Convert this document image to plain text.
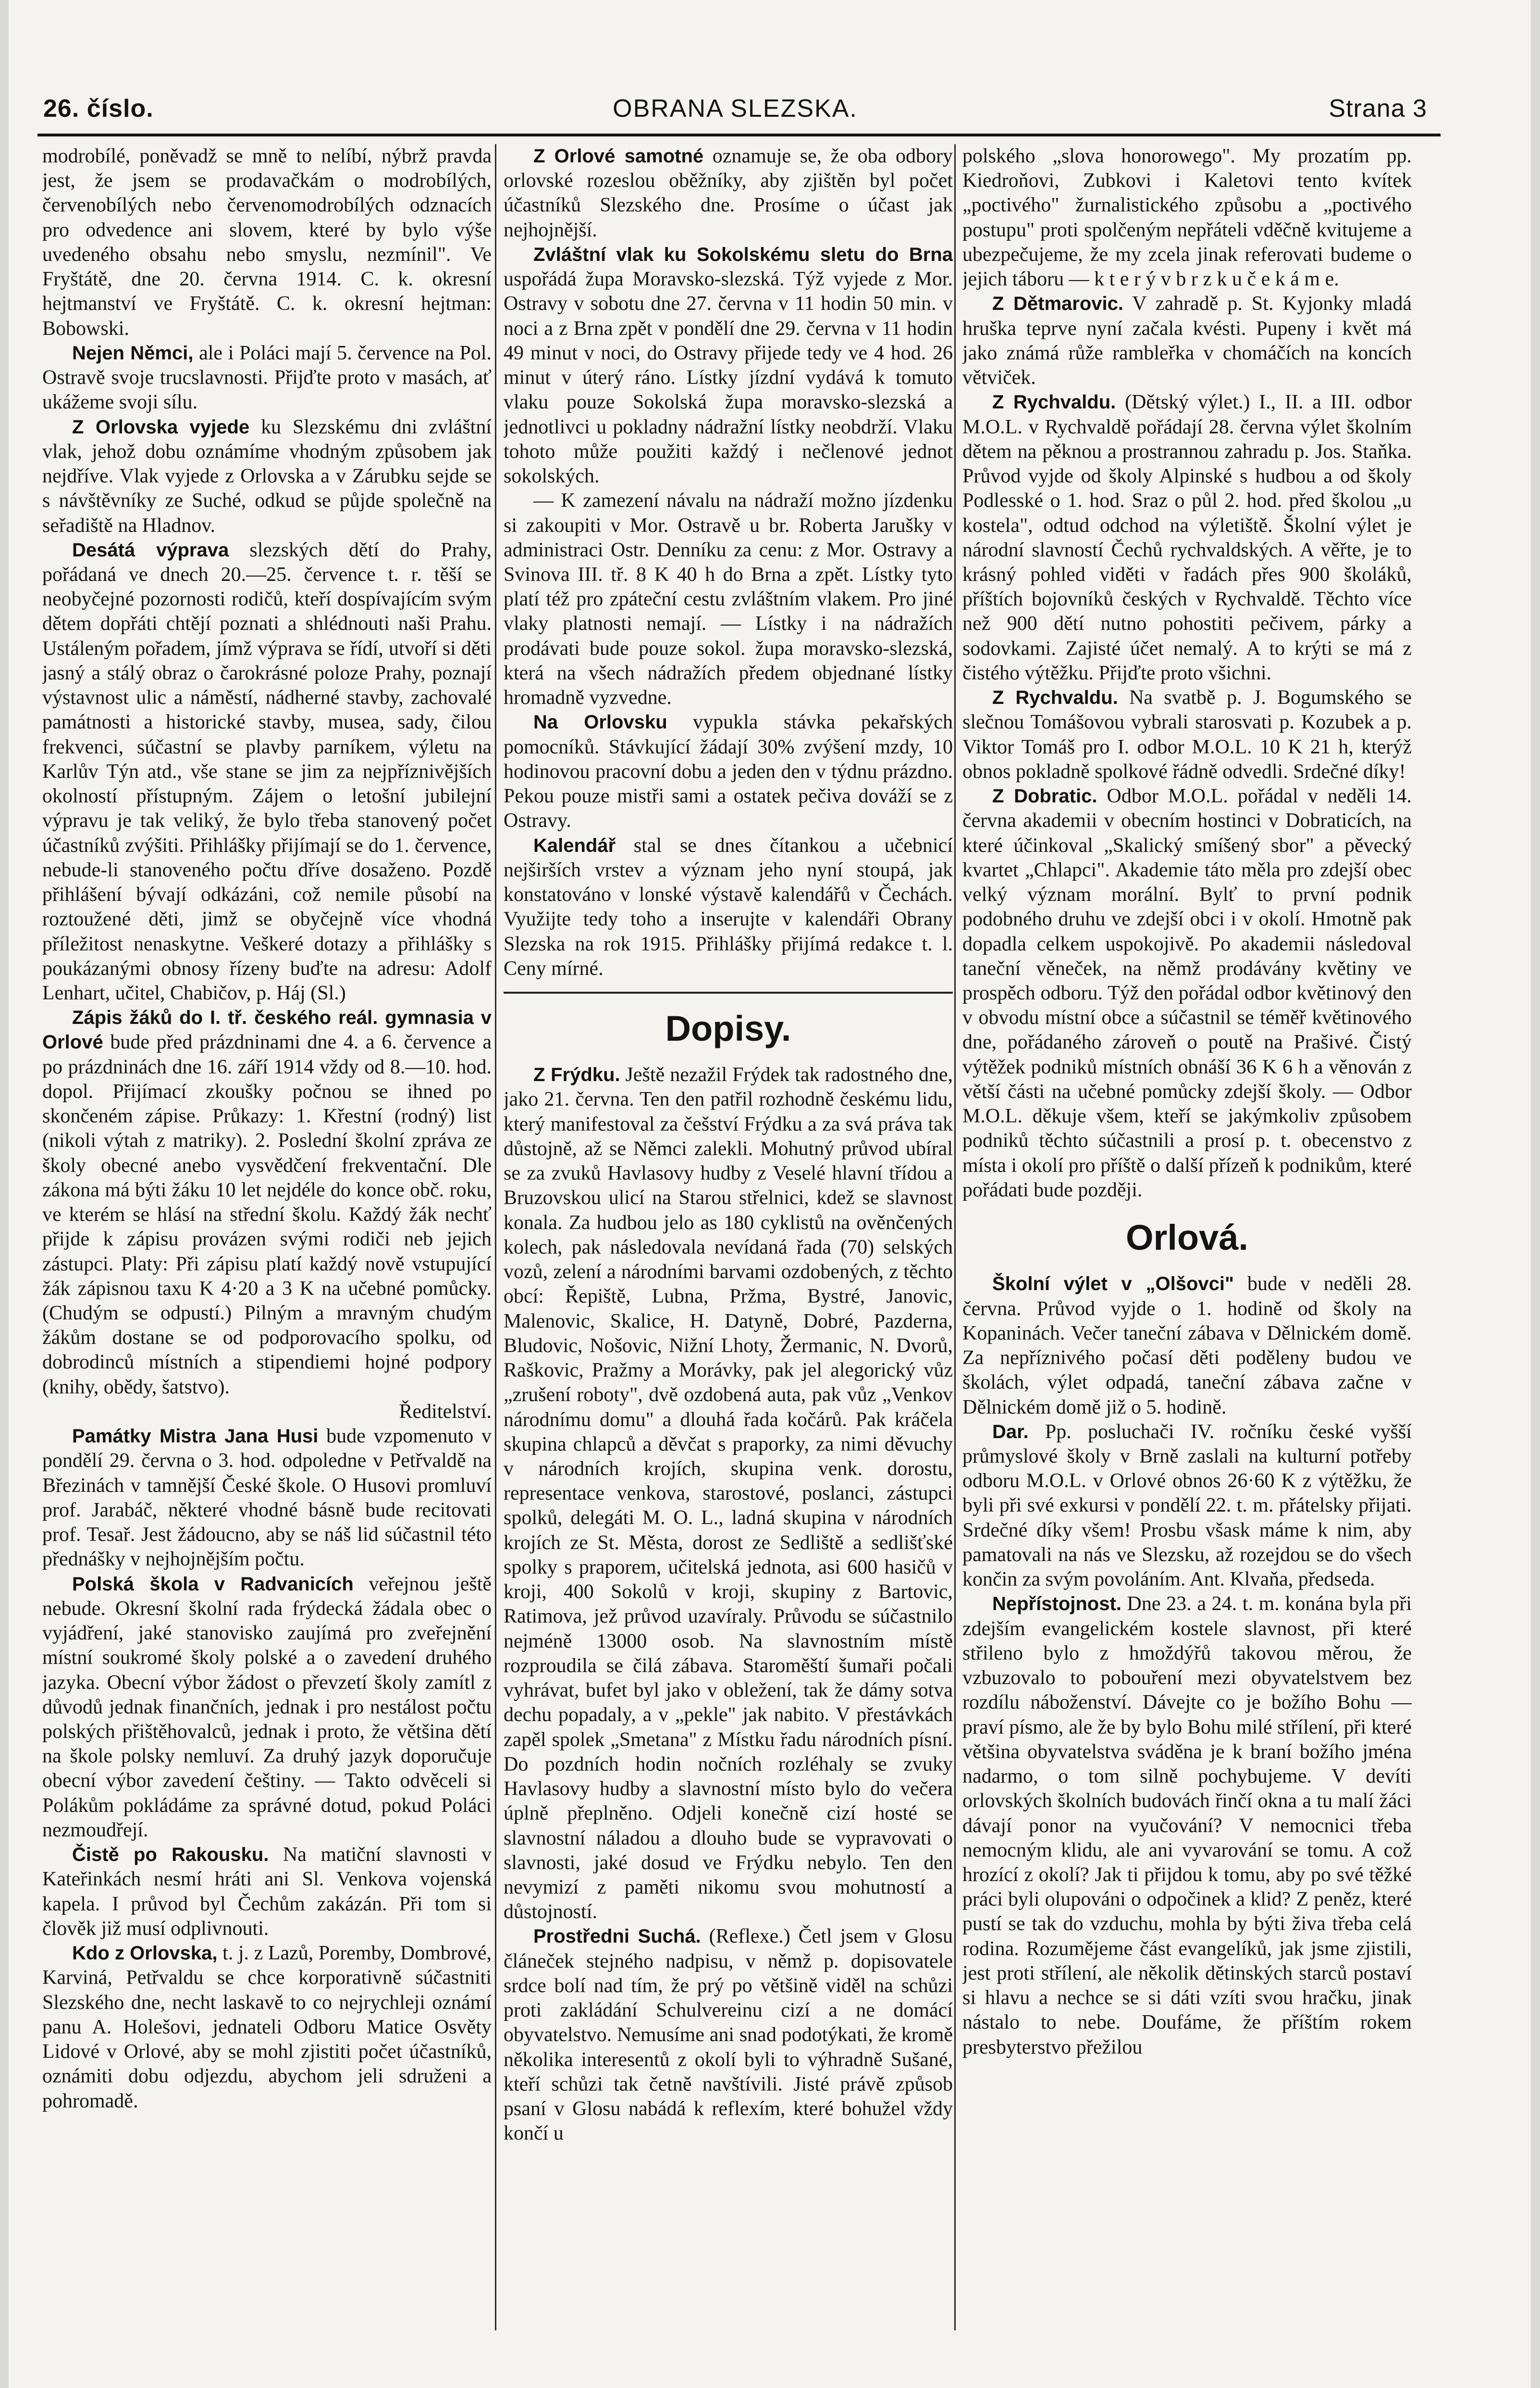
26. číslo.	OBRANA SLEZSKA.	Strana 3

modrobílé, poněvadž se mně to nelíbí, nýbrž pravda jest, že jsem se prodavačkám o modrobílých, červenobílých nebo červenomodrobílých odznacích pro odvedence ani slovem, které by bylo výše uvedeného obsahu nebo smyslu, nezmínil". Ve Fryštátě, dne 20. června 1914. C. k. okresní hejtmanství ve Fryštátě. C. k. okresní hejtman: Bobowski.

Nejen Němci, ale i Poláci mají 5. července na Pol. Ostravě svoje trucslavnosti. Přijďte proto v masách, ať ukážeme svoji sílu.

Z Orlovska vyjede ku Slezskému dni zvláštní vlak, jehož dobu oznámíme vhodným způsobem jak nejdříve. Vlak vyjede z Orlovska a v Zárubku sejde se s návštěvníky ze Suché, odkud se půjde společně na seřadiště na Hladnov.

Desátá výprava slezských dětí do Prahy, pořádaná ve dnech 20.—25. července t. r. těší se neobyčejné pozornosti rodičů, kteří dospívajícím svým dětem dopřáti chtějí poznati a shlédnouti naši Prahu. Ustáleným pořadem, jímž výprava se řídí, utvoří si děti jasný a stálý obraz o čarokrásné poloze Prahy, poznají výstavnost ulic a náměstí, nádherné stavby, zachovalé památnosti a historické stavby, musea, sady, čilou frekvenci, súčastní se plavby parníkem, výletu na Karlův Týn atd., vše stane se jim za nejpříznivějších okolností přístupným. Zájem o letošní jubilejní výpravu je tak veliký, že bylo třeba stanovený počet účastníků zvýšiti. Přihlášky přijímají se do 1. července, nebude-li stanoveného počtu dříve dosaženo. Pozdě přihlášení bývají odkázáni, což nemile působí na roztoužené děti, jimž se obyčejně více vhodná příležitost nenaskytne. Veškeré dotazy a přihlášky s poukázanými obnosy řízeny buďte na adresu: Adolf Lenhart, učitel, Chabičov, p. Háj (Sl.)

Zápis žáků do I. tř. českého reál. gymnasia v Orlové bude před prázdninami dne 4. a 6. července a po prázdninách dne 16. září 1914 vždy od 8.—10. hod. dopol. Přijímací zkoušky počnou se ihned po skončeném zápise. Průkazy: 1. Křestní (rodný) list (nikoli výtah z matriky). 2. Poslední školní zpráva ze školy obecné anebo vysvědčení frekventační. Dle zákona má býti žáku 10 let nejdéle do konce obč. roku, ve kterém se hlásí na střední školu. Každý žák nechť přijde k zápisu provázen svými rodiči neb jejich zástupci. Platy: Při zápisu platí každý nově vstupující žák zápisnou taxu K 4·20 a 3 K na učebné pomůcky. (Chudým se odpustí.) Pilným a mravným chudým žákům dostane se od podporovacího spolku, od dobrodinců místních a stipendiemi hojné podpory (knihy, obědy, šatstvo).
Ředitelství.

Památky Mistra Jana Husi bude vzpomenuto v pondělí 29. června o 3. hod. odpoledne v Petřvaldě na Březinách v tamnější České škole. O Husovi promluví prof. Jarabáč, některé vhodné básně bude recitovati prof. Tesař. Jest žádoucno, aby se náš lid súčastnil této přednášky v nejhojnějším počtu.

Polská škola v Radvanicích veřejnou ještě nebude. Okresní školní rada frýdecká žádala obec o vyjádření, jaké stanovisko zaujímá pro zveřejnění místní soukromé školy polské a o zavedení druhého jazyka. Obecní výbor žádost o převzetí školy zamítl z důvodů jednak finančních, jednak i pro nestálost počtu polských přištěhovalců, jednak i proto, že většina dětí na škole polsky nemluví. Za druhý jazyk doporučuje obecní výbor zavedení češtiny. — Takto odvěceli si Polákům pokládáme za správné dotud, pokud Poláci nezmoudřejí.

Čistě po Rakousku. Na matiční slavnosti v Kateřinkách nesmí hráti ani Sl. Venkova vojenská kapela. I průvod byl Čechům zakázán. Při tom si člověk již musí odplivnouti.

Kdo z Orlovska, t. j. z Lazů, Poremby, Dombrové, Karviná, Petřvaldu se chce korporativně súčastniti Slezského dne, necht laskavě to co nejrychleji oznámí panu A. Holešovi, jednateli Odboru Matice Osvěty Lidové v Orlové, aby se mohl zjistiti počet účastníků, oznámiti dobu odjezdu, abychom jeli sdruženi a pohromadě.

Z Orlové samotné oznamuje se, že oba odbory orlovské rozeslou oběžníky, aby zjištěn byl počet účastníků Slezského dne. Prosíme o účast jak nejhojnější.

Zvláštní vlak ku Sokolskému sletu do Brna uspořádá župa Moravsko-slezská. Týž vyjede z Mor. Ostravy v sobotu dne 27. června v 11 hodin 50 min. v noci a z Brna zpět v pondělí dne 29. června v 11 hodin 49 minut v noci, do Ostravy přijede tedy ve 4 hod. 26 minut v úterý ráno. Lístky jízdní vydává k tomuto vlaku pouze Sokolská župa moravsko-slezská a jednotlivci u pokladny nádražní lístky neobdrží. Vlaku tohoto může použiti každý i nečlenové jednot sokolských.

— K zamezení návalu na nádraží možno jízdenku si zakoupiti v Mor. Ostravě u br. Roberta Jarušky v administraci Ostr. Denníku za cenu: z Mor. Ostravy a Svinova III. tř. 8 K 40 h do Brna a zpět. Lístky tyto platí též pro zpáteční cestu zvláštním vlakem. Pro jiné vlaky platnosti nemají. — Lístky i na nádražích prodávati bude pouze sokol. župa moravsko-slezská, která na všech nádražích předem objednané lístky hromadně vyzvedne.

Na Orlovsku vypukla stávka pekařských pomocníků. Stávkující žádají 30% zvýšení mzdy, 10 hodinovou pracovní dobu a jeden den v týdnu prázdno. Pekou pouze mistři sami a ostatek pečiva dováží se z Ostravy.

Kalendář stal se dnes čítankou a učebnicí nejširších vrstev a význam jeho nyní stoupá, jak konstatováno v lonské výstavě kalendářů v Čechách. Využijte tedy toho a inserujte v kalendáři Obrany Slezska na rok 1915. Přihlášky přijímá redakce t. l. Ceny mírné.

Dopisy.

Z Frýdku. Ještě nezažil Frýdek tak radostného dne, jako 21. června. Ten den patřil rozhodně českému lidu, který manifestoval za češství Frýdku a za svá práva tak důstojně, až se Němci zalekli. Mohutný průvod ubíral se za zvuků Havlasovy hudby z Veselé hlavní třídou a Bruzovskou ulicí na Starou střelnici, kdež se slavnost konala. Za hudbou jelo as 180 cyklistů na ověnčených kolech, pak následovala nevídaná řada (70) selských vozů, zelení a národními barvami ozdobených, z těchto obcí: Řepiště, Lubna, Pržma, Bystré, Janovic, Malenovic, Skalice, H. Datyně, Dobré, Pazderna, Bludovic, Nošovic, Nižní Lhoty, Žermanic, N. Dvorů, Raškovic, Pražmy a Morávky, pak jel alegorický vůz „zrušení roboty", dvě ozdobená auta, pak vůz „Venkov národnímu domu" a dlouhá řada kočárů. Pak kráčela skupina chlapců a děvčat s praporky, za nimi děvuchy v národních krojích, skupina venk. dorostu, representace venkova, starostové, poslanci, zástupci spolků, delegáti M. O. L., ladná skupina v národních krojích ze St. Města, dorost ze Sedliště a sedlišťské spolky s praporem, učitelská jednota, asi 600 hasičů v kroji, 400 Sokolů v kroji, skupiny z Bartovic, Ratimova, jež průvod uzavíraly. Průvodu se súčastnilo nejméně 13000 osob. Na slavnostním místě rozproudila se čilá zábava. Staroměští šumaři počali vyhrávat, bufet byl jako v obležení, tak že dámy sotva dechu popadaly, a v „pekle" jak nabito. V přestávkách zapěl spolek „Smetana" z Místku řadu národních písní. Do pozdních hodin nočních rozléhaly se zvuky Havlasovy hudby a slavnostní místo bylo do večera úplně přeplněno. Odjeli konečně cizí hosté se slavnostní náladou a dlouho bude se vypravovati o slavnosti, jaké dosud ve Frýdku nebylo. Ten den nevymizí z paměti nikomu svou mohutností a důstojností.

Prostředni Suchá. (Reflexe.) Četl jsem v Glosu článeček stejného nadpisu, v němž p. dopisovatele srdce bolí nad tím, že prý po většině viděl na schůzi proti zakládání Schulvereinu cizí a ne domácí obyvatelstvo. Nemusíme ani snad podotýkati, že kromě několika interesentů z okolí byli to výhradně Sušané, kteří schůzi tak četně navštívili. Jisté právě způsob psaní v Glosu nabádá k reflexím, které bohužel vždy končí u

polského „slova honorowego". My prozatím pp. Kiedroňovi, Zubkovi i Kaletovi tento kvítek „poctivého" žurnalistického způsobu a „poctivého postupu" proti spolčeným nepřáteli vděčně kvitujeme a ubezpečujeme, že my zcela jinak referovati budeme o jejich táboru — k t e r ý v b r z k u č e k á m e.

Z Dětmarovic. V zahradě p. St. Kyjonky mladá hruška teprve nyní začala kvésti. Pupeny i květ má jako známá růže rambleřka v chomáčích na koncích větviček.

Z Rychvaldu. (Dětský výlet.) I., II. a III. odbor M.O.L. v Rychvaldě pořádají 28. června výlet školním dětem na pěknou a prostrannou zahradu p. Jos. Staňka. Průvod vyjde od školy Alpinské s hudbou a od školy Podlesské o 1. hod. Sraz o půl 2. hod. před školou „u kostela", odtud odchod na výletiště. Školní výlet je národní slavností Čechů rychvaldských. A věřte, je to krásný pohled viděti v řadách přes 900 školáků, příštích bojovníků českých v Rychvaldě. Těchto více než 900 dětí nutno pohostiti pečivem, párky a sodovkami. Zajisté účet nemalý. A to krýti se má z čistého výtěžku. Přijďte proto všichni.

Z Rychvaldu. Na svatbě p. J. Bogumského se slečnou Tomášovou vybrali starosvati p. Kozubek a p. Viktor Tomáš pro I. odbor M.O.L. 10 K 21 h, kterýž obnos pokladně spolkové řádně odvedli. Srdečné díky!

Z Dobratic. Odbor M.O.L. pořádal v neděli 14. června akademii v obecním hostinci v Dobraticích, na které účinkoval „Skalický smíšený sbor" a pěvecký kvartet „Chlapci". Akademie táto měla pro zdejší obec velký význam morální. Bylť to první podnik podobného druhu ve zdejší obci i v okolí. Hmotně pak dopadla celkem uspokojivě. Po akademii následoval taneční věneček, na němž prodávány květiny ve prospěch odboru. Týž den pořádal odbor květinový den v obvodu místní obce a súčastnil se téměř květinového dne, pořádaného zároveň o poutě na Prašivé. Čistý výtěžek podniků místních obnáší 36 K 6 h a věnován z větší části na učebné pomůcky zdejší školy. — Odbor M.O.L. děkuje všem, kteří se jakýmkoliv způsobem podniků těchto súčastnili a prosí p. t. obecenstvo z místa i okolí pro příště o další přízeň k podnikům, které pořádati bude později.

Orlová.

Školní výlet v „Olšovci" bude v neděli 28. června. Průvod vyjde o 1. hodině od školy na Kopaninách. Večer taneční zábava v Dělnickém domě. Za nepříznivého počasí děti poděleny budou ve školách, výlet odpadá, taneční zábava začne v Dělnickém domě již o 5. hodině.

Dar. Pp. posluchači IV. ročníku české vyšší průmyslové školy v Brně zaslali na kulturní potřeby odboru M.O.L. v Orlové obnos 26·60 K z výtěžku, že byli při své exkursi v pondělí 22. t. m. přátelsky přijati. Srdečné díky všem! Prosbu všask máme k nim, aby pamatovali na nás ve Slezsku, až rozejdou se do všech končin za svým povoláním. Ant. Klvaňa, předseda.

Nepřístojnost. Dne 23. a 24. t. m. konána byla při zdejším evangelickém kostele slavnost, při které střileno bylo z hmoždýřů takovou měrou, že vzbuzovalo to pobouření mezi obyvatelstvem bez rozdílu náboženství. Dávejte co je božího Bohu — praví písmo, ale že by bylo Bohu milé střílení, při které většina obyvatelstva sváděna je k braní božího jména nadarmo, o tom silně pochybujeme. V devíti orlovských školních budovách řinčí okna a tu malí žáci dávají ponor na vyučování? V nemocnici třeba nemocným klidu, ale ani vyvarování se tomu. A což hrozící z okolí? Jak ti přijdou k tomu, aby po své těžké práci byli olupováni o odpočinek a klid? Z peněz, které pustí se tak do vzduchu, mohla by býti živa třeba celá rodina. Rozumějeme část evangelíků, jak jsme zjistili, jest proti střílení, ale několik dětinských starců postaví si hlavu a nechce se si dáti vzíti svou hračku, jinak nástalo to nebe. Doufáme, že příštím rokem presbyterstvo přežilou
